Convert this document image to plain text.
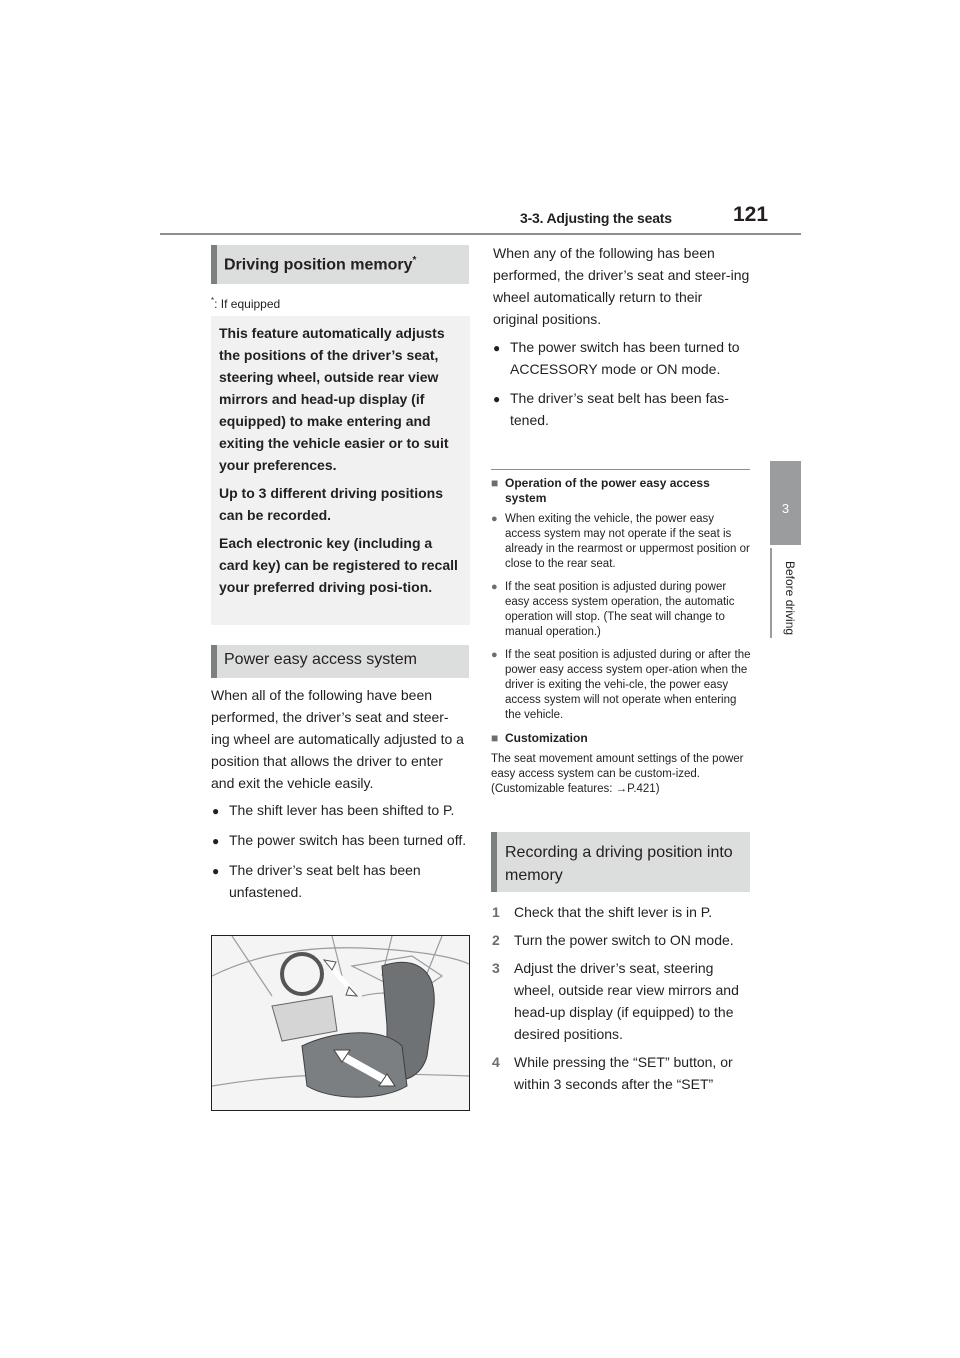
3-3. Adjusting the seats	121
3
Before driving
Driving position memory*
*: If equipped

This feature automatically adjusts the positions of the driver’s seat, steering wheel, outside rear view mirrors and head-up display (if equipped) to make entering and exiting the vehicle easier or to suit your preferences.

Up to 3 different driving positions can be recorded.

Each electronic key (including a card key) can be registered to recall your preferred driving posi-tion.

Power easy access system
When all of the following have been performed, the driver’s seat and steer-ing wheel are automatically adjusted to a position that allows the driver to enter and exit the vehicle easily.
● The shift lever has been shifted to P.
● The power switch has been turned off.
● The driver’s seat belt has been unfastened.
When any of the following has been performed, the driver’s seat and steer-ing wheel automatically return to their original positions.
● The power switch has been turned to ACCESSORY mode or ON mode.
● The driver’s seat belt has been fas-tened.
■ Operation of the power easy access system
● When exiting the vehicle, the power easy access system may not operate if the seat is already in the rearmost or uppermost position or close to the rear seat.
● If the seat position is adjusted during power easy access system operation, the automatic operation will stop. (The seat will change to manual operation.)
● If the seat position is adjusted during or after the power easy access system oper-ation when the driver is exiting the vehi-cle, the power easy access system will not operate when entering the vehicle.
■ Customization
The seat movement amount settings of the power easy access system can be custom-ized. (Customizable features: →P.421)
Recording a driving position into memory
1	Check that the shift lever is in P.
2	Turn the power switch to ON mode.
3	Adjust the driver’s seat, steering wheel, outside rear view mirrors and head-up display (if equipped) to the desired positions.
4	While pressing the “SET” button, or within 3 seconds after the “SET”
